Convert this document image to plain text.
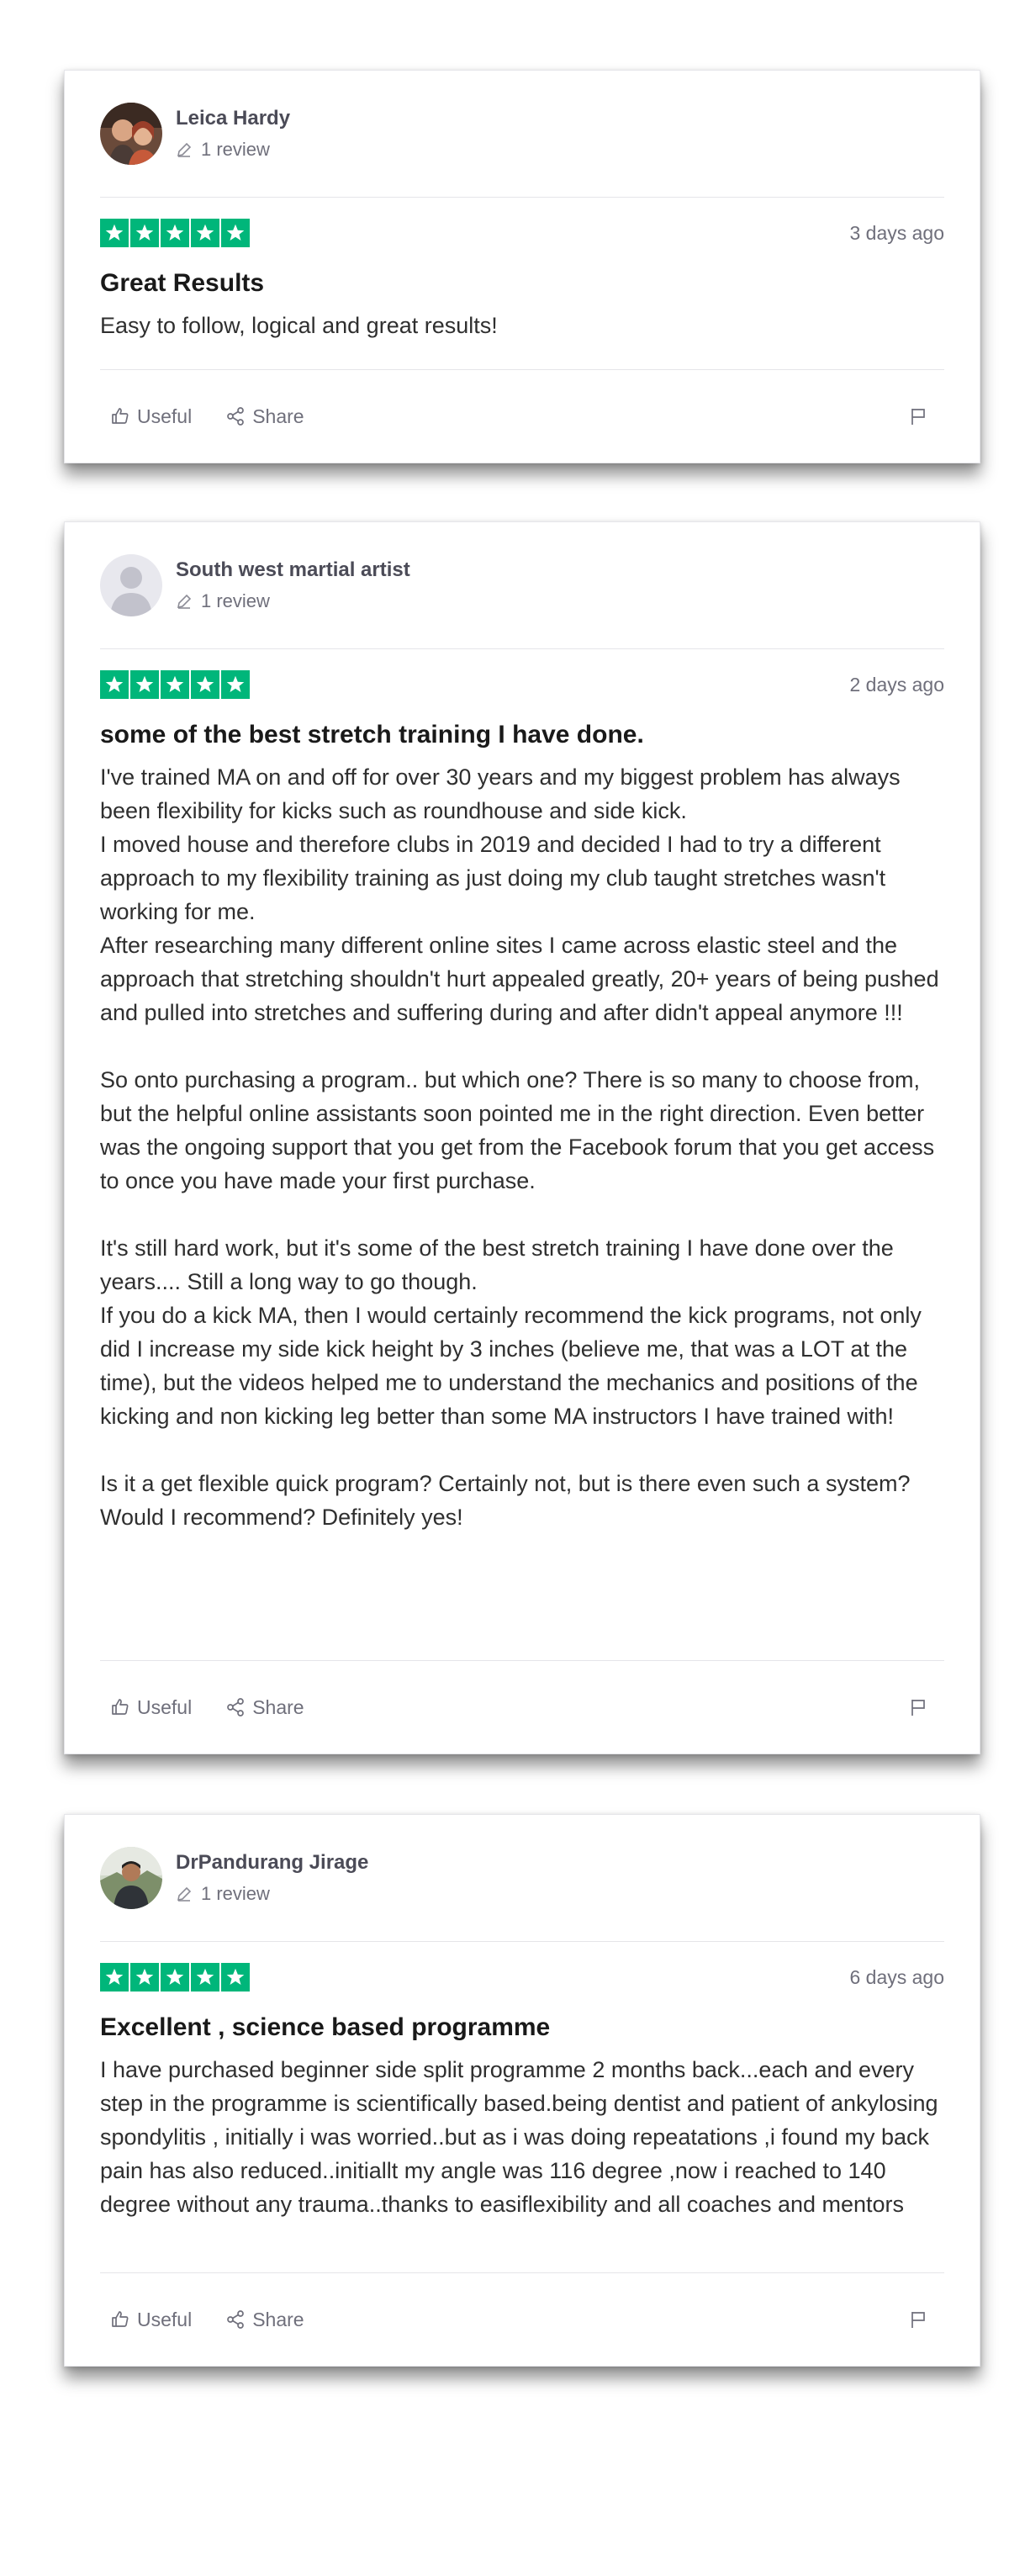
Leica Hardy
1 review
3 days ago
Great Results
Easy to follow, logical and great results!
Useful	Share
South west martial artist
1 review
2 days ago
some of the best stretch training I have done.
I've trained MA on and off for over 30 years and my biggest problem has always been flexibility for kicks such as roundhouse and side kick.
I moved house and therefore clubs in 2019 and decided I had to try a different approach to my flexibility training as just doing my club taught stretches wasn't working for me.
After researching many different online sites I came across elastic steel and the approach that stretching shouldn't hurt appealed greatly, 20+ years of being pushed and pulled into stretches and suffering during and after didn't appeal anymore !!!

So onto purchasing a program.. but which one? There is so many to choose from, but the helpful online assistants soon pointed me in the right direction. Even better was the ongoing support that you get from the Facebook forum that you get access to once you have made your first purchase.

It's still hard work, but it's some of the best stretch training I have done over the years.... Still a long way to go though.
If you do a kick MA, then I would certainly recommend the kick programs, not only did I increase my side kick height by 3 inches (believe me, that was a LOT at the time), but the videos helped me to understand the mechanics and positions of the kicking and non kicking leg better than some MA instructors I have trained with!

Is it a get flexible quick program? Certainly not, but is there even such a system?
Would I recommend? Definitely yes!
Useful	Share
DrPandurang Jirage
1 review
6 days ago
Excellent , science based programme
I have purchased beginner side split programme 2 months back...each and every step in the programme is scientifically based.being dentist and patient of ankylosing spondylitis , initially i was worried..but as i was doing repeatations ,i found my back pain has also reduced..initiallt my angle was 116 degree ,now i reached to 140 degree without any trauma..thanks to easiflexibility and all coaches and mentors
Useful	Share
